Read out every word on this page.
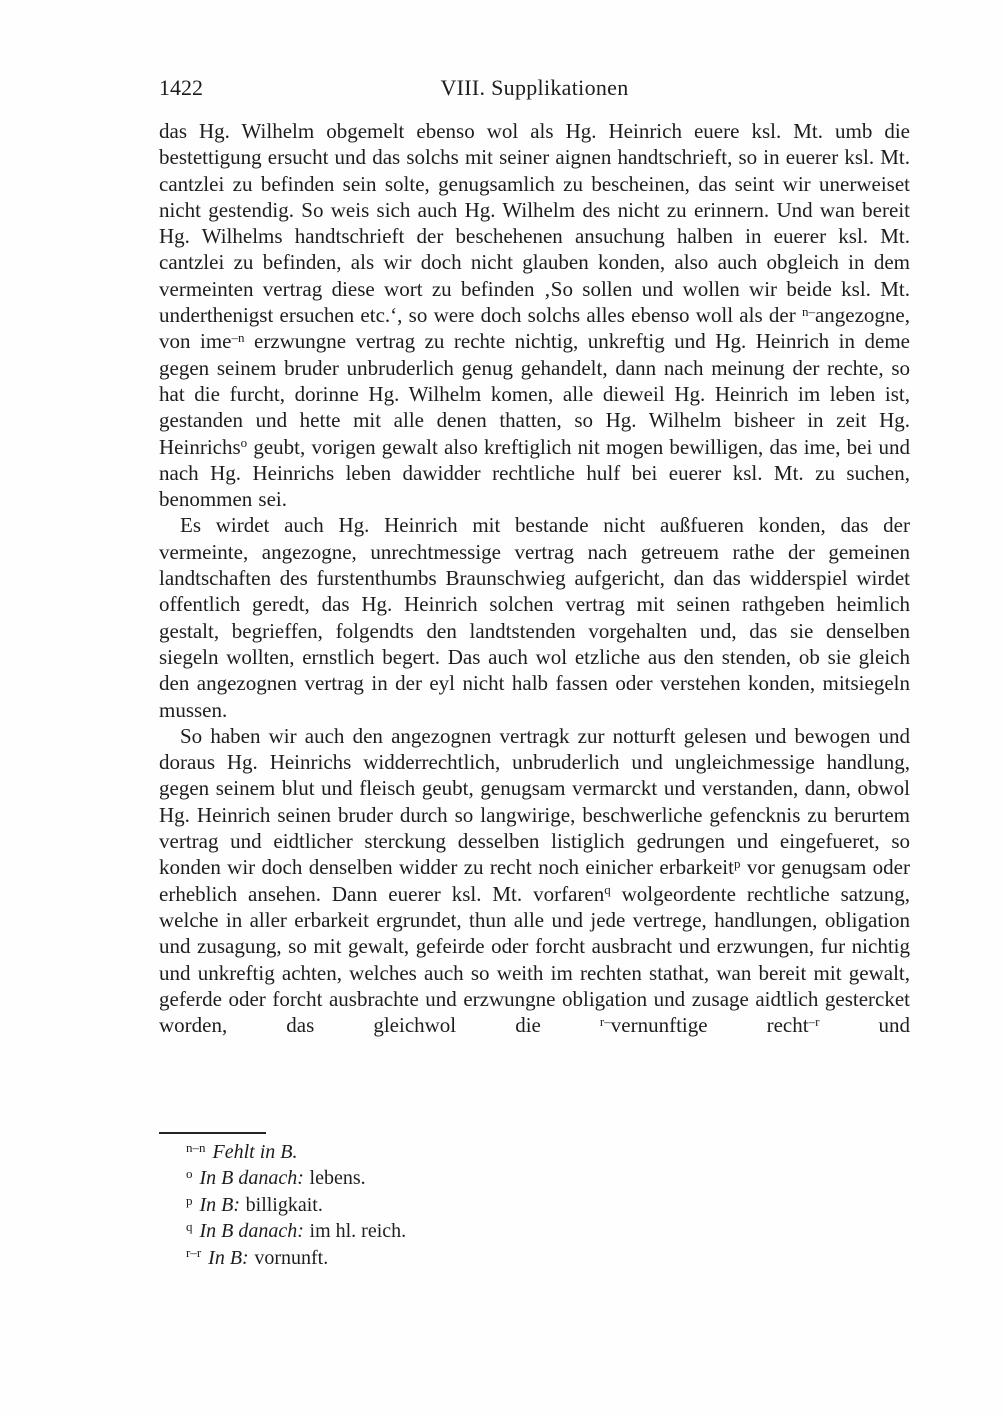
1422	VIII. Supplikationen

das Hg. Wilhelm obgemelt ebenso wol als Hg. Heinrich euere ksl. Mt. umb die bestettigung ersucht und das solchs mit seiner aignen handtschrieft, so in euerer ksl. Mt. cantzlei zu befinden sein solte, genugsamlich zu bescheinen, das seint wir unerweiset nicht gestendig. So weis sich auch Hg. Wilhelm des nicht zu erinnern. Und wan bereit Hg. Wilhelms handtschrieft der beschehenen ansuchung halben in euerer ksl. Mt. cantzlei zu befinden, als wir doch nicht glauben konden, also auch obgleich in dem vermeinten vertrag diese wort zu befinden ‚So sollen und wollen wir beide ksl. Mt. underthenigst ersuchen etc.‘, so were doch solchs alles ebenso woll als der $^{n-}$angezogne, von ime$^{-n}$ erzwungne vertrag zu rechte nichtig, unkreftig und Hg. Heinrich in deme gegen seinem bruder unbruderlich genug gehandelt, dann nach meinung der rechte, so hat die furcht, dorinne Hg. Wilhelm komen, alle dieweil Hg. Heinrich im leben ist, gestanden und hette mit alle denen thatten, so Hg. Wilhelm bisheer in zeit Hg. Heinrichs$^o$ geubt, vorigen gewalt also kreftiglich nit mogen bewilligen, das ime, bei und nach Hg. Heinrichs leben dawidder rechtliche hulf bei euerer ksl. Mt. zu suchen, benommen sei.

Es wirdet auch Hg. Heinrich mit bestande nicht außfueren konden, das der vermeinte, angezogne, unrechtmessige vertrag nach getreuem rathe der gemeinen landtschaften des furstenthumbs Braunschwieg aufgericht, dan das widderspiel wirdet offentlich geredt, das Hg. Heinrich solchen vertrag mit seinen rathgeben heimlich gestalt, begrieffen, folgendts den landtstenden vorgehalten und, das sie denselben siegeln wollten, ernstlich begert. Das auch wol etzliche aus den stenden, ob sie gleich den angezognen vertrag in der eyl nicht halb fassen oder verstehen konden, mitsiegeln mussen.

So haben wir auch den angezognen vertragk zur notturft gelesen und bewogen und doraus Hg. Heinrichs widderrechtlich, unbruderlich und ungleichmessige handlung, gegen seinem blut und fleisch geubt, genugsam vermarckt und verstanden, dann, obwol Hg. Heinrich seinen bruder durch so langwirige, beschwerliche gefencknis zu berurtem vertrag und eidtlicher sterckung desselben listiglich gedrungen und eingefueret, so konden wir doch denselben widder zu recht noch einicher erbarkeit$^p$ vor genugsam oder erheblich ansehen. Dann euerer ksl. Mt. vorfaren$^q$ wolgeordente rechtliche satzung, welche in aller erbarkeit ergrundet, thun alle und jede vertrege, handlungen, obligation und zusagung, so mit gewalt, gefeirde oder forcht ausbracht und erzwungen, fur nichtig und unkreftig achten, welches auch so weith im rechten stathat, wan bereit mit gewalt, geferde oder forcht ausbrachte und erzwungne obligation und zusage aidtlich gestercket worden, das gleichwol die $^{r-}$vernunftige recht$^{-r}$ und

$^{n-n}$ Fehlt in B.
$^o$ In B danach: lebens.
$^p$ In B: billigkait.
$^q$ In B danach: im hl. reich.
$^{r-r}$ In B: vornunft.
